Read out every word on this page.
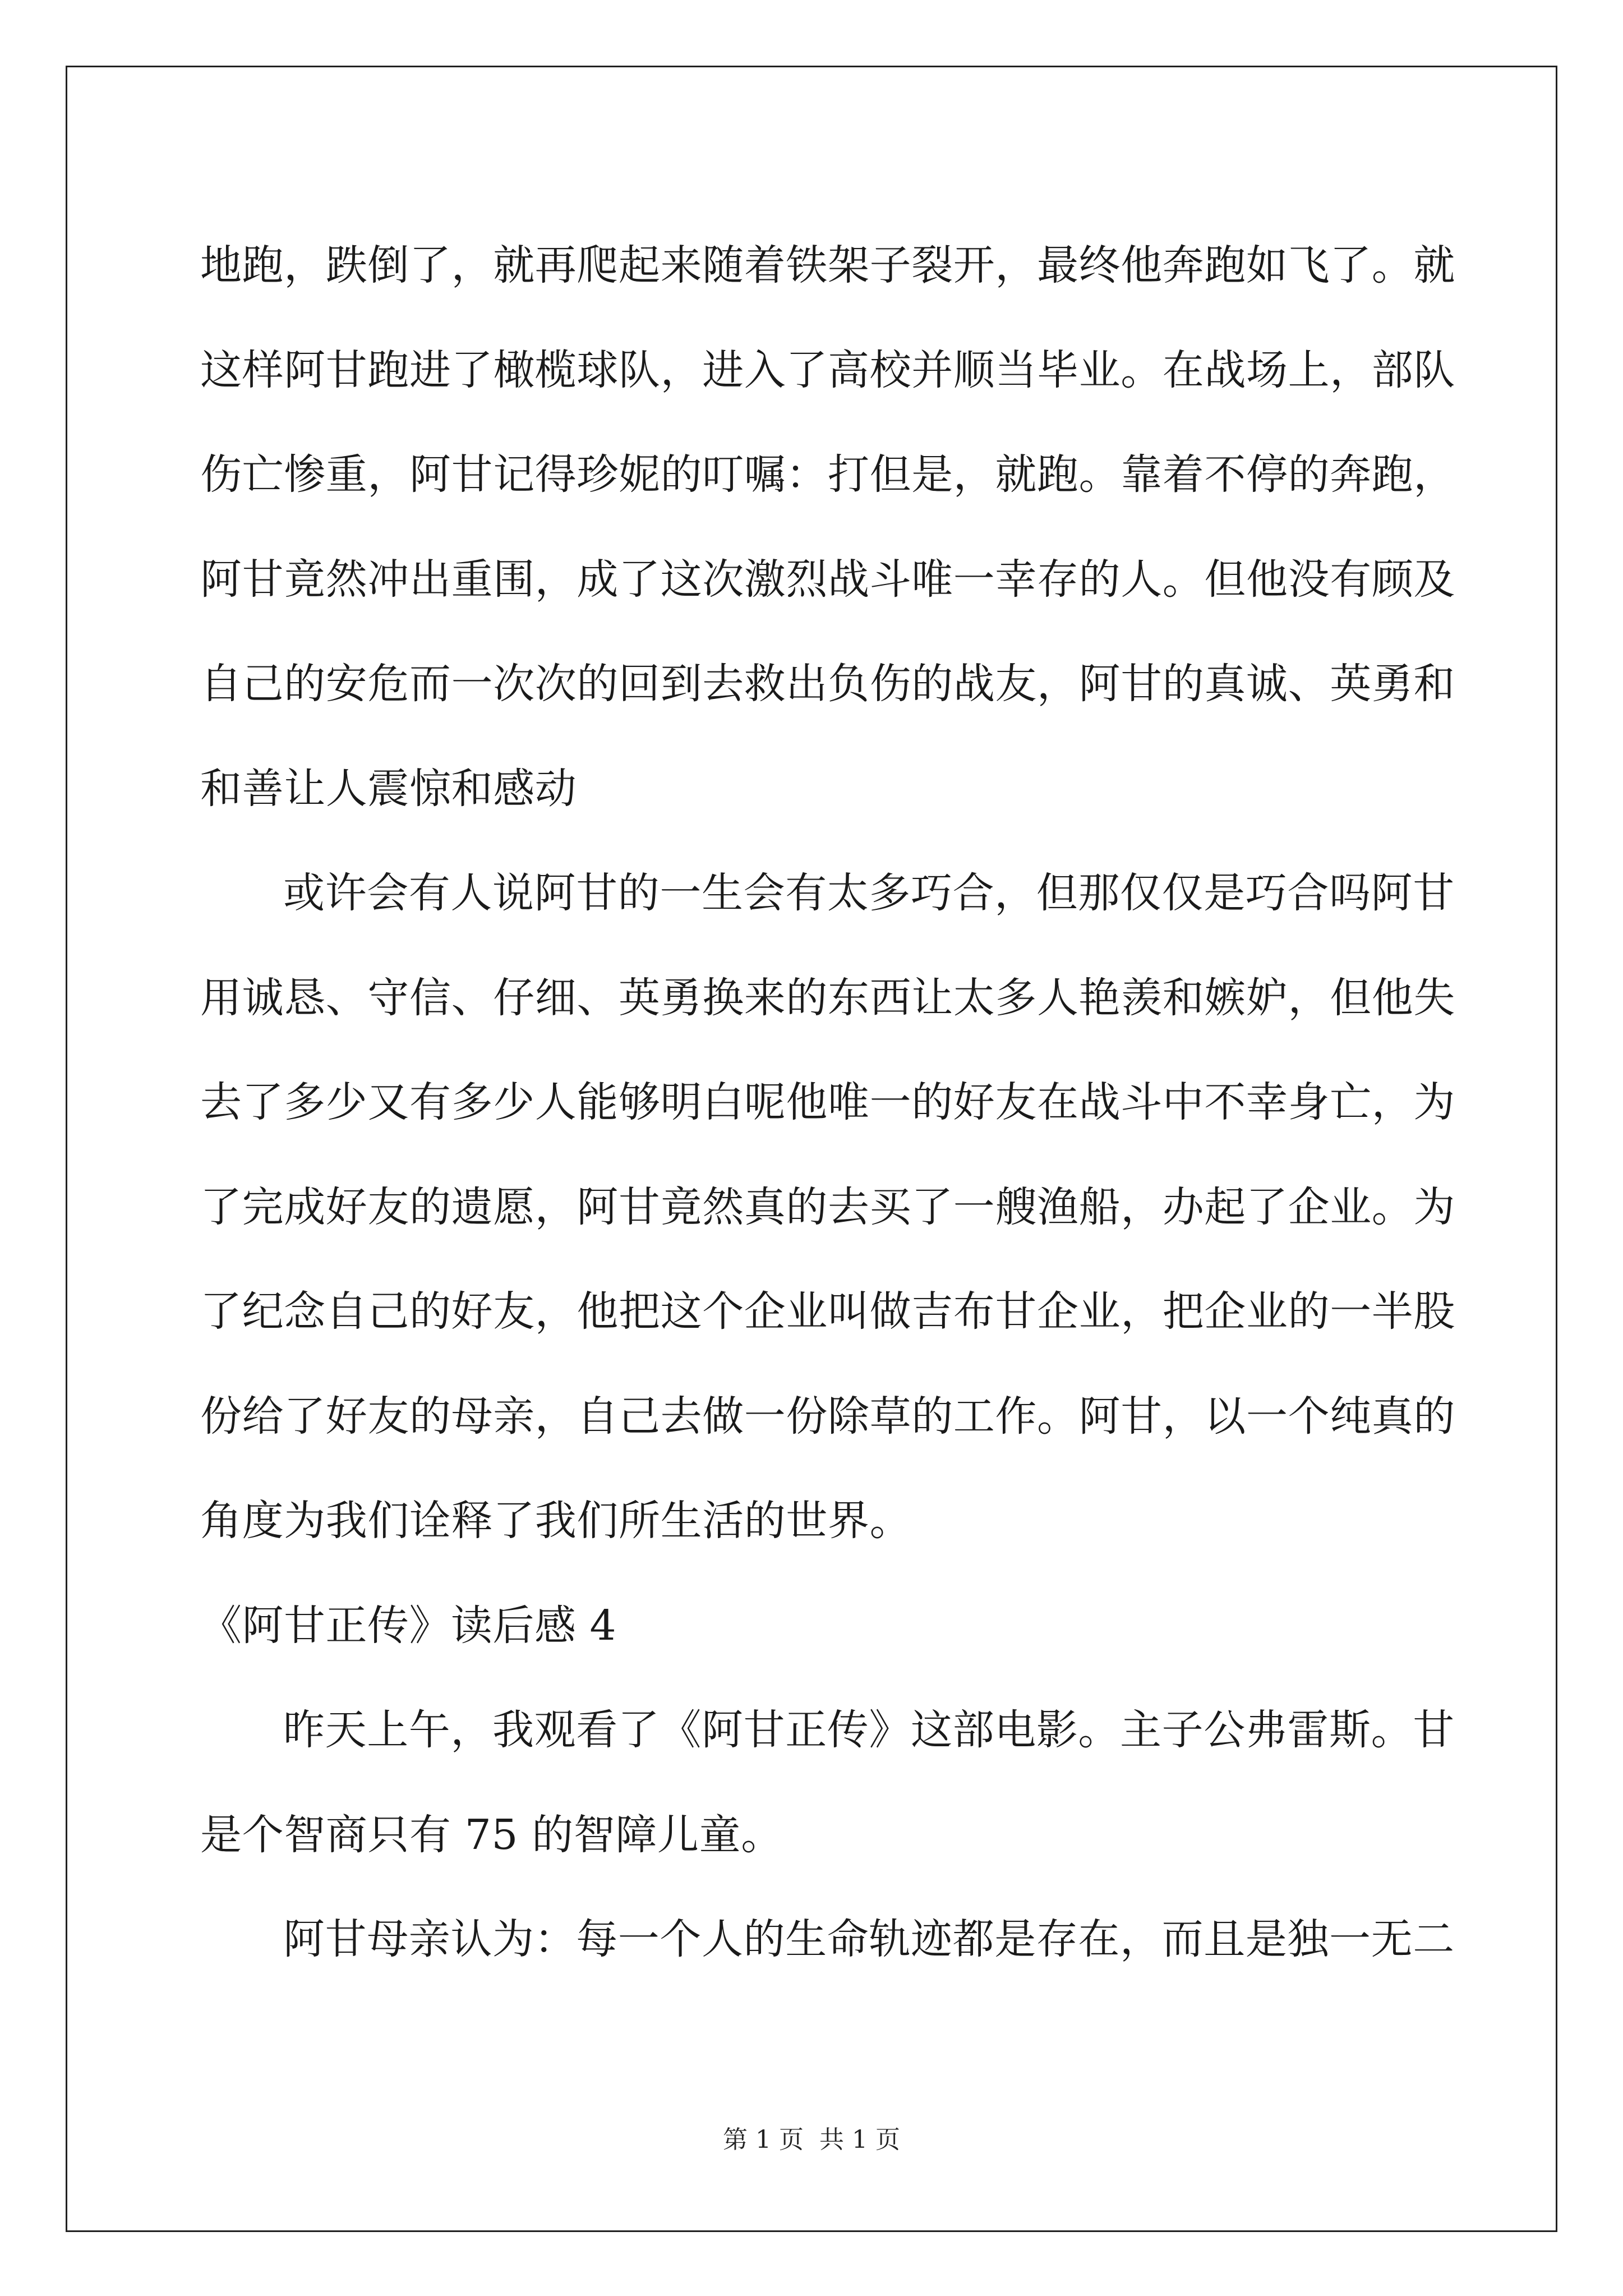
地跑，跌倒了，就再爬起来随着铁架子裂开，最终他奔跑如飞了。就
这样阿甘跑进了橄榄球队，进入了高校并顺当毕业。在战场上，部队
伤亡惨重，阿甘记得珍妮的叮嘱：打但是，就跑。靠着不停的奔跑，
阿甘竟然冲出重围，成了这次激烈战斗唯一幸存的人。但他没有顾及
自己的安危而一次次的回到去救出负伤的战友，阿甘的真诚、英勇和
和善让人震惊和感动
或许会有人说阿甘的一生会有太多巧合，但那仅仅是巧合吗阿甘
用诚恳、守信、仔细、英勇换来的东西让太多人艳羡和嫉妒，但他失
去了多少又有多少人能够明白呢他唯一的好友在战斗中不幸身亡，为
了完成好友的遗愿，阿甘竟然真的去买了一艘渔船，办起了企业。为
了纪念自己的好友，他把这个企业叫做吉布甘企业，把企业的一半股
份给了好友的母亲，自己去做一份除草的工作。阿甘，以一个纯真的
角度为我们诠释了我们所生活的世界。
《阿甘正传》读后感 4
昨天上午，我观看了《阿甘正传》这部电影。主子公弗雷斯。甘
是个智商只有 75 的智障儿童。
阿甘母亲认为：每一个人的生命轨迹都是存在，而且是独一无二
第 1 页 共 1 页
